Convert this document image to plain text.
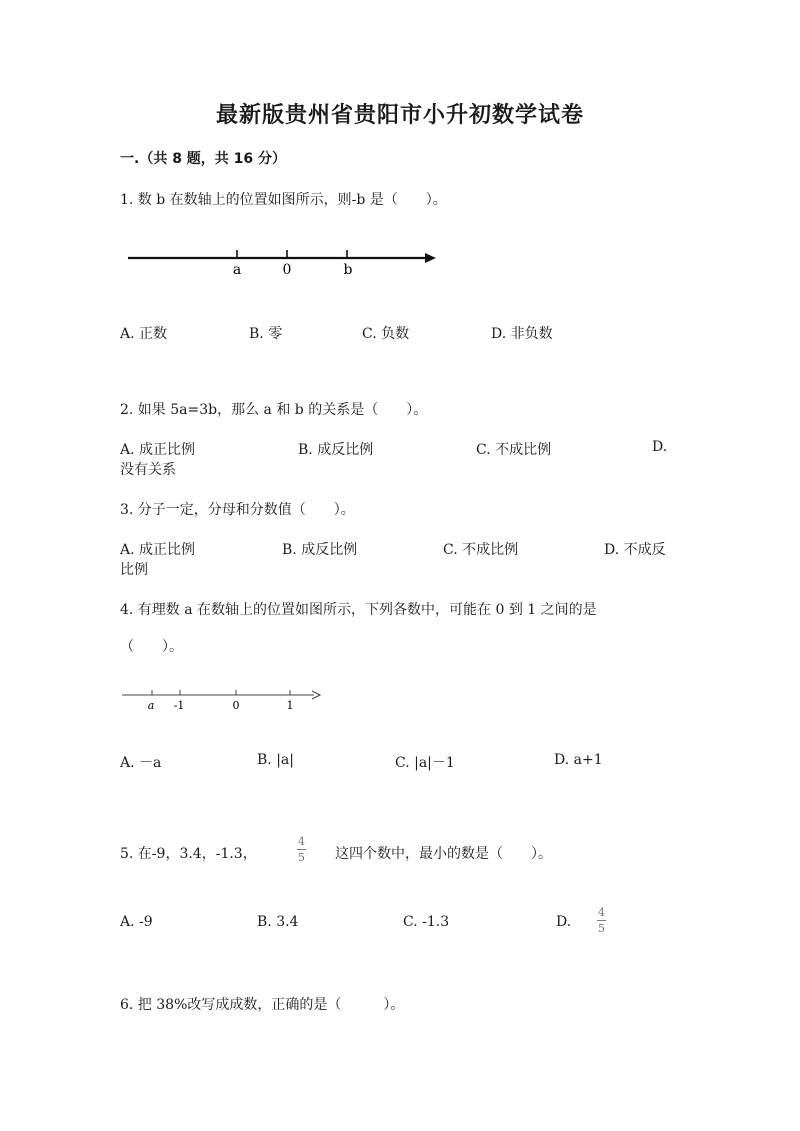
最新版贵州省贵阳市小升初数学试卷
一.（共 8 题，共 16 分）
1. 数 b 在数轴上的位置如图所示，则-b 是（　　）。
a	0	b
A. 正数	B. 零	C. 负数	D. 非负数
2. 如果 5a=3b，那么 a 和 b 的关系是（　　）。
A. 成正比例	B. 成反比例	C. 不成比例	D.
没有关系
3. 分子一定，分母和分数值（　　）。
A. 成正比例	B. 成反比例	C. 不成比例	D. 不成反
比例
4. 有理数 a 在数轴上的位置如图所示，下列各数中，可能在 0 到 1 之间的是
（　　）。
a -1	0	1
A. －a	B. |a|	C. |a|－1	D. a+1
5. 在-9，3.4，-1.3，
4
5 这四个数中，最小的数是（　　）。
A. -9	B. 3.4	C. -1.3	D.
4
5
6. 把 38%改写成成数，正确的是（　　　）。
